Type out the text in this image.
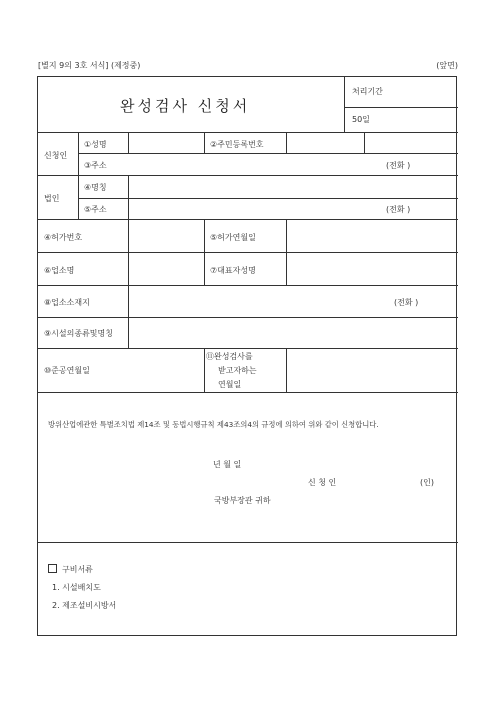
[별지 9의 3호 서식] (제정중)	(앞면)
완성검사 신청서
처리기간
50일
신청인
①성명	②주민등록번호
③주소	(전화 )
법인
④명칭
⑤주소	(전화 )
④허가번호	⑤허가연월일
⑥업소명	⑦대표자성명
⑧업소소재지	(전화 )
⑨시설의종류및명칭
⑩준공연월일
⑪완성검사를
받고자하는
연월일
방위산업에관한 특별조치법 제14조 및 동법시행규칙 제43조의4의 규정에 의하여 위와 같이 신청합니다.
년 월 일
신 청 인	(인)
국방부장관 귀하
구비서류
1. 시설배치도
2. 제조설비시방서
